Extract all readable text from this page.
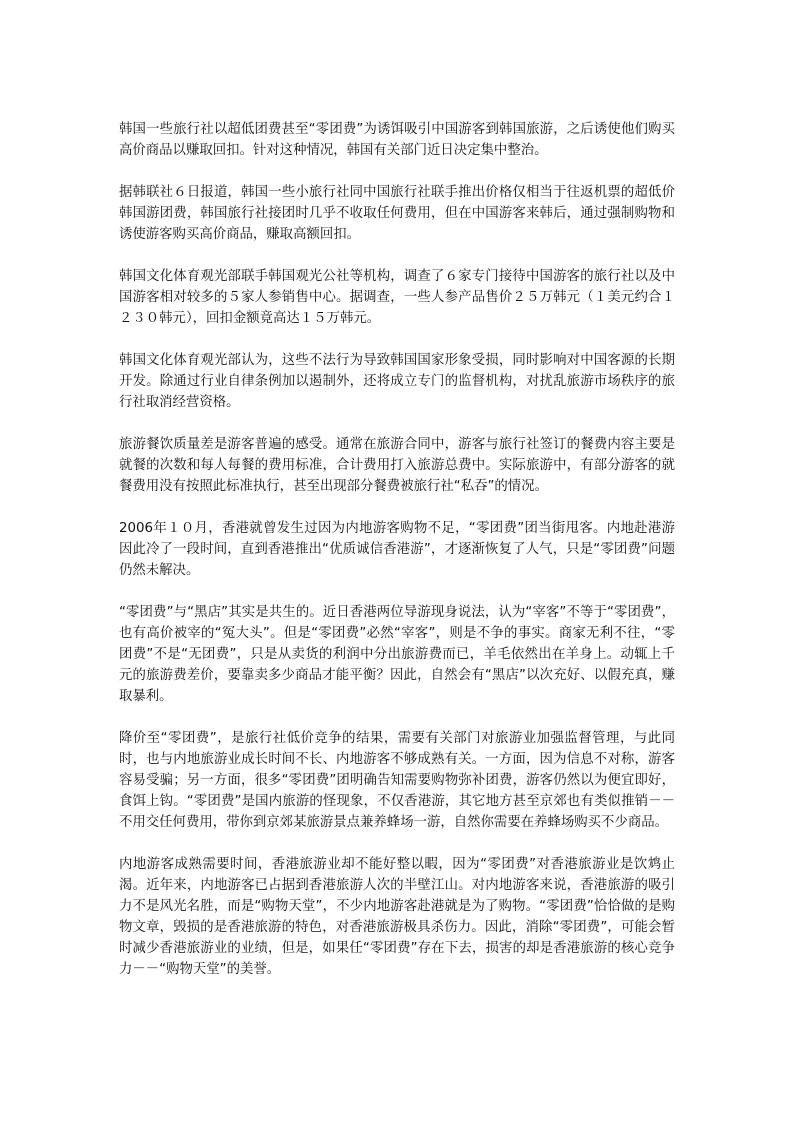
韩国一些旅行社以超低团费甚至“零团费”为诱饵吸引中国游客到韩国旅游，之后诱使他们购买高价商品以赚取回扣。针对这种情况，韩国有关部门近日决定集中整治。

据韩联社６日报道，韩国一些小旅行社同中国旅行社联手推出价格仅相当于往返机票的超低价韩国游团费，韩国旅行社接团时几乎不收取任何费用，但在中国游客来韩后，通过强制购物和诱使游客购买高价商品，赚取高额回扣。

韩国文化体育观光部联手韩国观光公社等机构，调查了６家专门接待中国游客的旅行社以及中国游客相对较多的５家人参销售中心。据调查，一些人参产品售价２５万韩元（１美元约合１２３０韩元），回扣金额竟高达１５万韩元。

韩国文化体育观光部认为，这些不法行为导致韩国国家形象受损，同时影响对中国客源的长期开发。除通过行业自律条例加以遏制外，还将成立专门的监督机构，对扰乱旅游市场秩序的旅行社取消经营资格。

旅游餐饮质量差是游客普遍的感受。通常在旅游合同中，游客与旅行社签订的餐费内容主要是就餐的次数和每人每餐的费用标准，合计费用打入旅游总费中。实际旅游中，有部分游客的就餐费用没有按照此标准执行，甚至出现部分餐费被旅行社“私吞”的情况。

2006年１０月，香港就曾发生过因为内地游客购物不足，“零团费”团当街甩客。内地赴港游因此冷了一段时间，直到香港推出“优质诚信香港游”，才逐渐恢复了人气，只是“零团费”问题仍然未解决。

“零团费”与“黑店”其实是共生的。近日香港两位导游现身说法，认为“宰客”不等于“零团费”，也有高价被宰的“冤大头”。但是“零团费”必然“宰客”，则是不争的事实。商家无利不往，“零团费”不是“无团费”，只是从卖货的利润中分出旅游费而已，羊毛依然出在羊身上。动辄上千元的旅游费差价，要靠卖多少商品才能平衡？因此，自然会有“黑店”以次充好、以假充真，赚取暴利。

降价至“零团费”，是旅行社低价竞争的结果，需要有关部门对旅游业加强监督管理，与此同时，也与内地旅游业成长时间不长、内地游客不够成熟有关。一方面，因为信息不对称，游客容易受骗；另一方面，很多“零团费”团明确告知需要购物弥补团费，游客仍然以为便宜即好，食饵上钩。“零团费”是国内旅游的怪现象，不仅香港游，其它地方甚至京郊也有类似推销－－不用交任何费用，带你到京郊某旅游景点兼养蜂场一游，自然你需要在养蜂场购买不少商品。

内地游客成熟需要时间，香港旅游业却不能好整以暇，因为“零团费”对香港旅游业是饮鸩止渴。近年来，内地游客已占据到香港旅游人次的半壁江山。对内地游客来说，香港旅游的吸引力不是风光名胜，而是“购物天堂”，不少内地游客赴港就是为了购物。“零团费”恰恰做的是购物文章，毁损的是香港旅游的特色，对香港旅游极具杀伤力。因此，消除“零团费”，可能会暂时减少香港旅游业的业绩，但是，如果任“零团费”存在下去，损害的却是香港旅游的核心竞争力－－“购物天堂”的美誉。
